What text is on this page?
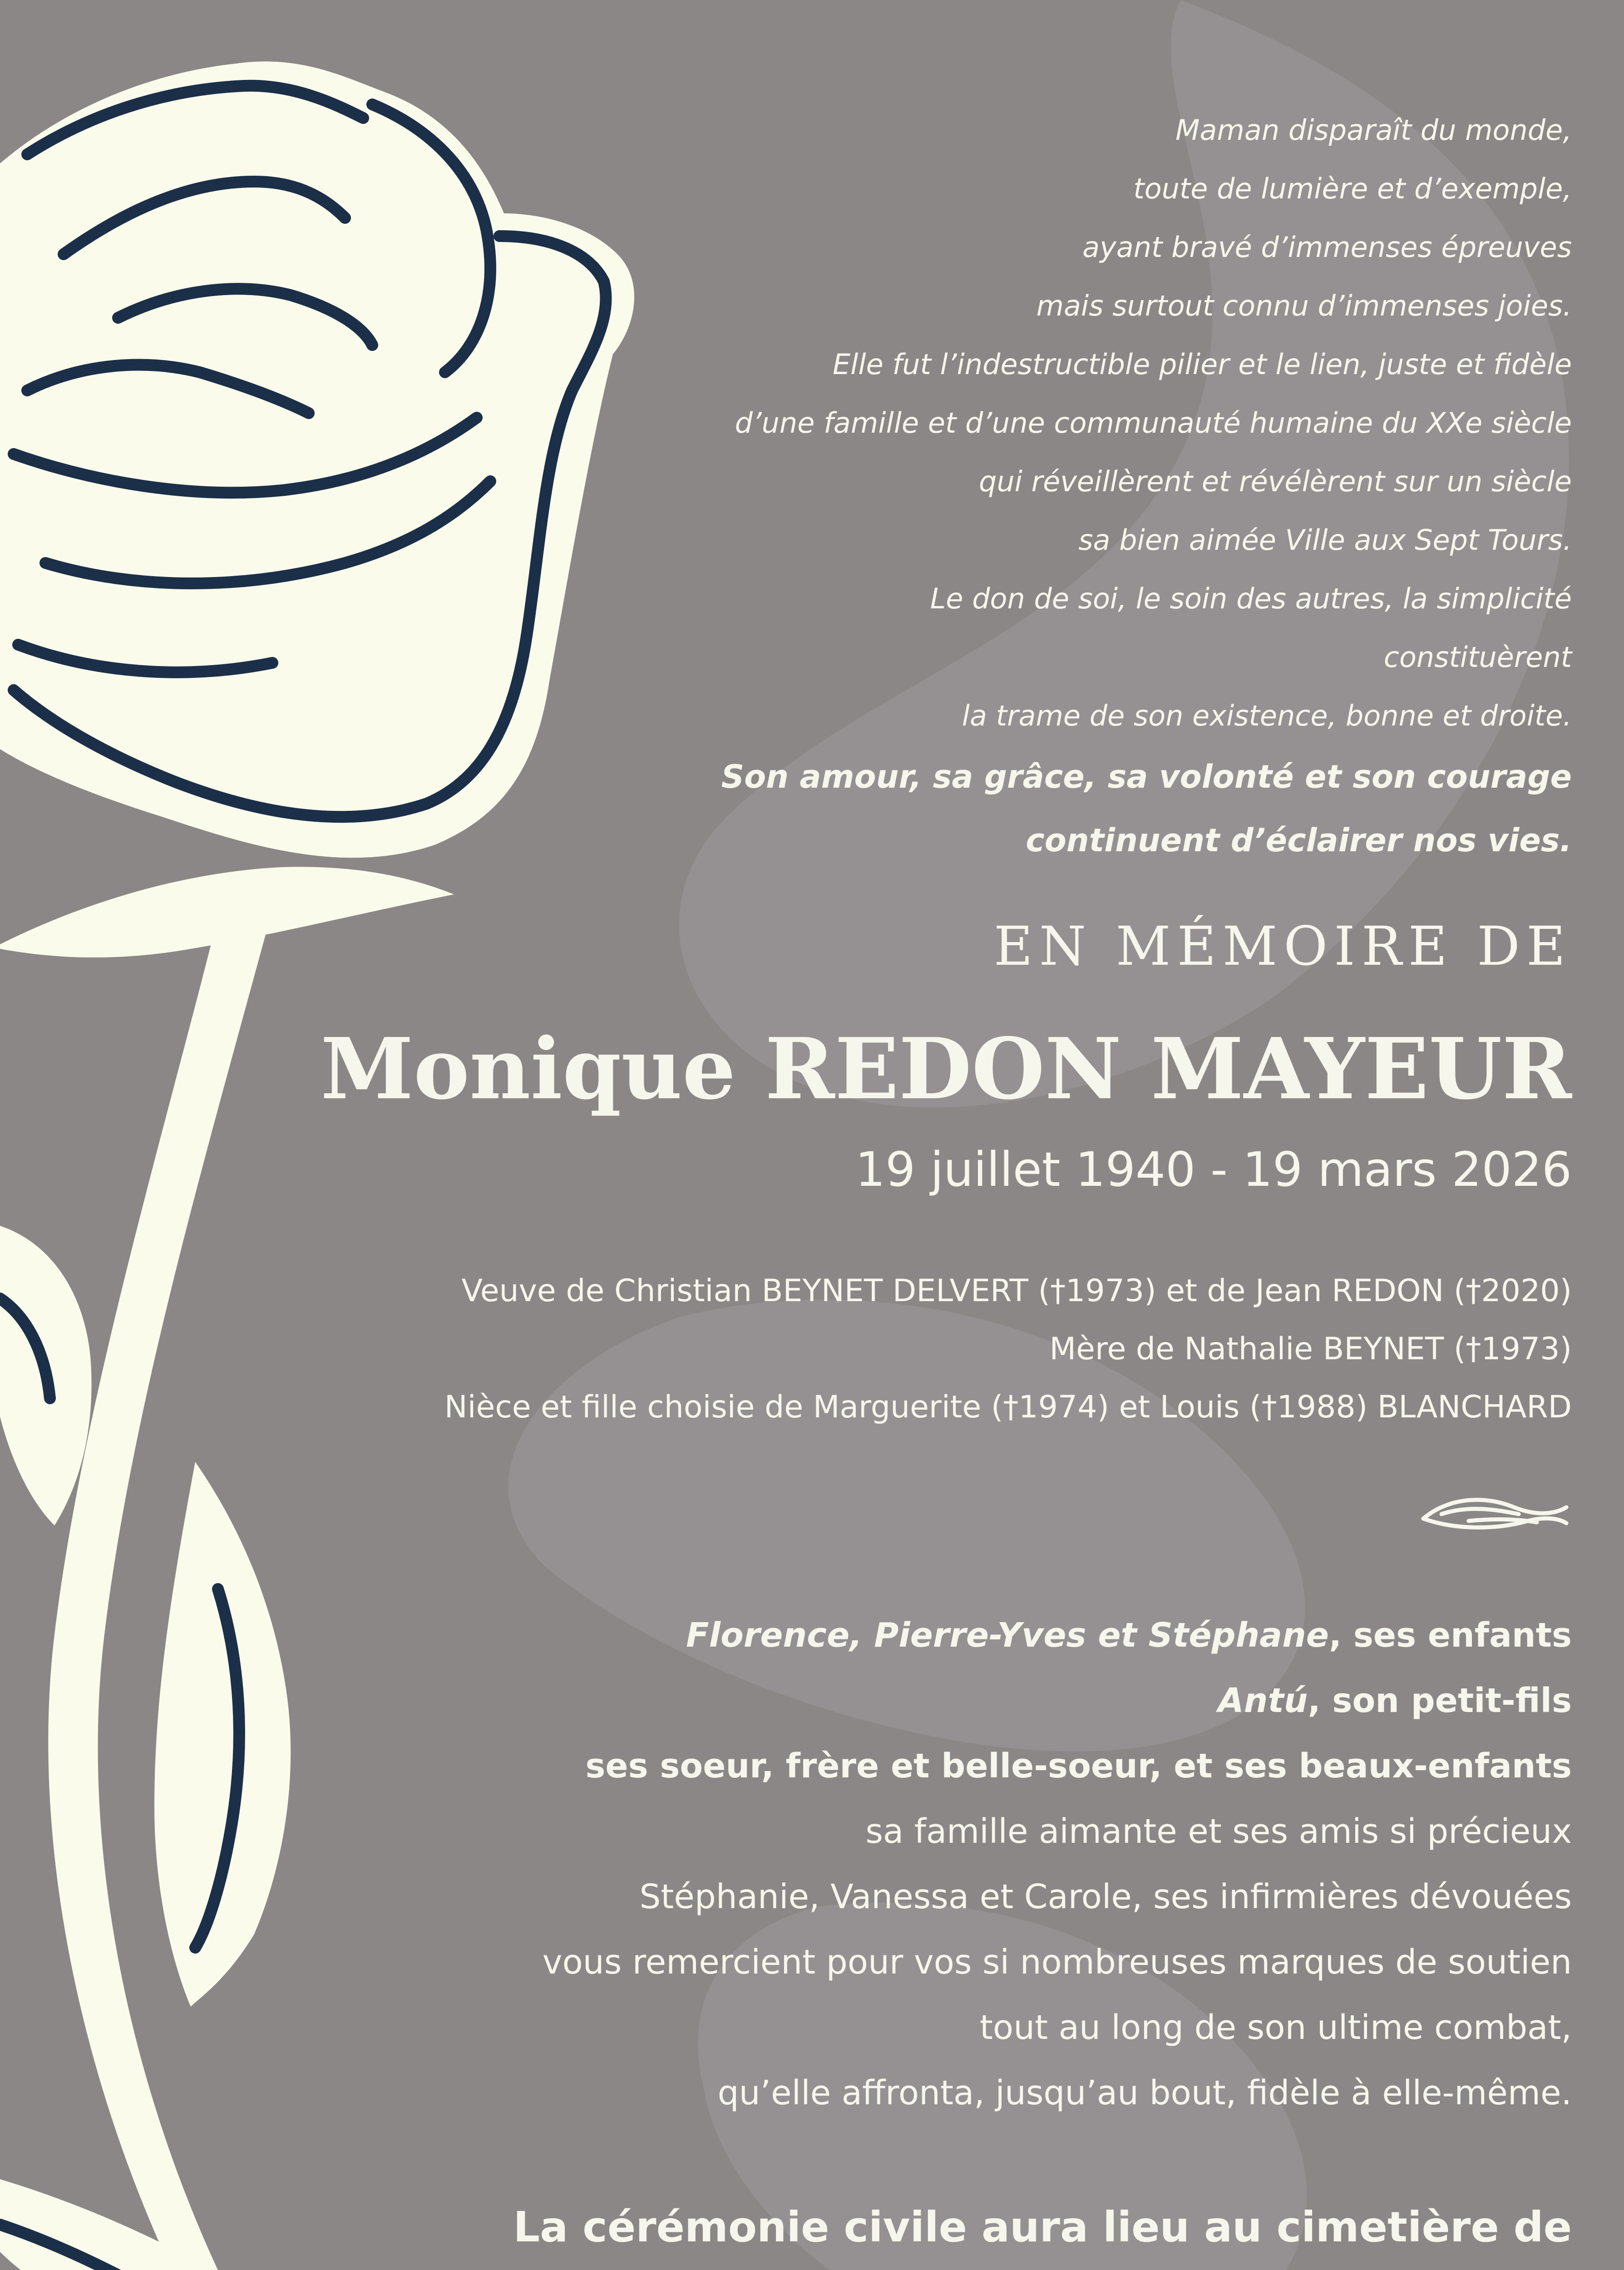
Maman disparaît du monde,
toute de lumière et d’exemple,
ayant bravé d’immenses épreuves
mais surtout connu d’immenses joies.
Elle fut l’indestructible pilier et le lien, juste et fidèle
d’une famille et d’une communauté humaine du XXe siècle
qui réveillèrent et révélèrent sur un siècle
sa bien aimée Ville aux Sept Tours.
Le don de soi, le soin des autres, la simplicité
constituèrent
la trame de son existence, bonne et droite.
Son amour, sa grâce, sa volonté et son courage
continuent d’éclairer nos vies.
EN MÉMOIRE DE
Monique REDON MAYEUR
19 juillet 1940 - 19 mars 2026
Veuve de Christian BEYNET DELVERT (†1973) et de Jean REDON (†2020)
Mère de Nathalie BEYNET (†1973)
Nièce et fille choisie de Marguerite (†1974) et Louis (†1988) BLANCHARD
Florence, Pierre-Yves et Stéphane, ses enfants
Antú, son petit-fils
ses soeur, frère et belle-soeur, et ses beaux-enfants
sa famille aimante et ses amis si précieux
Stéphanie, Vanessa et Carole, ses infirmières dévouées
vous remercient pour vos si nombreuses marques de soutien
tout au long de son ultime combat,
qu’elle affronta, jusqu’au bout, fidèle à elle-même.
La cérémonie civile aura lieu au cimetière de
